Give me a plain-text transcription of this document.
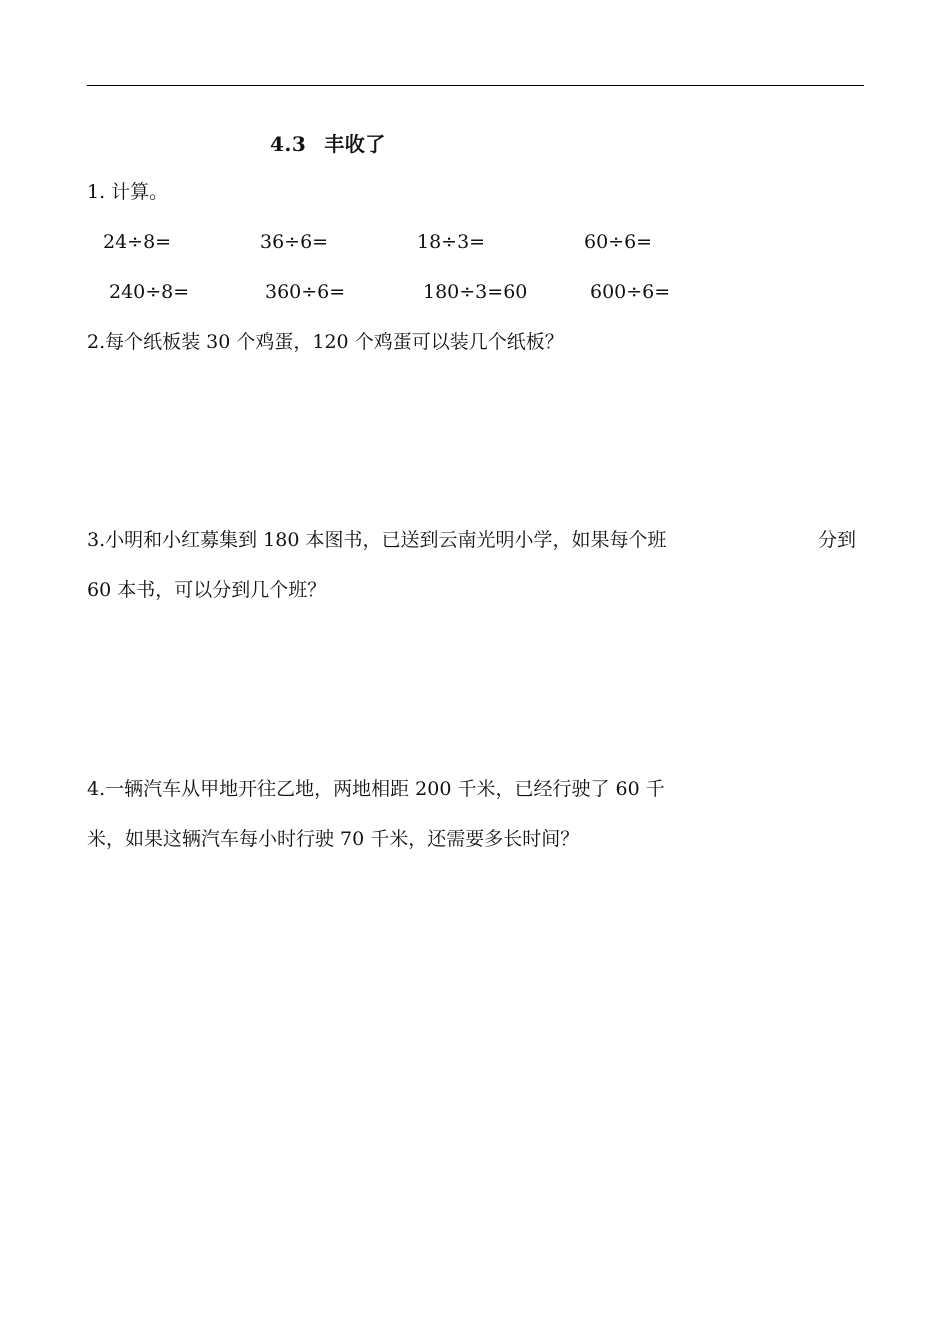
4.3 丰收了
1. 计算。
24÷8=	36÷6=	18÷3=	60÷6=
240÷8=	360÷6=	180÷3=60	600÷6=
2.每个纸板装 30 个鸡蛋，120 个鸡蛋可以装几个纸板？
3.小明和小红募集到 180 本图书，已送到云南光明小学，如果每个班	分到
60 本书，可以分到几个班？
4.一辆汽车从甲地开往乙地，两地相距 200 千米，已经行驶了 60 千
米，如果这辆汽车每小时行驶 70 千米，还需要多长时间？
